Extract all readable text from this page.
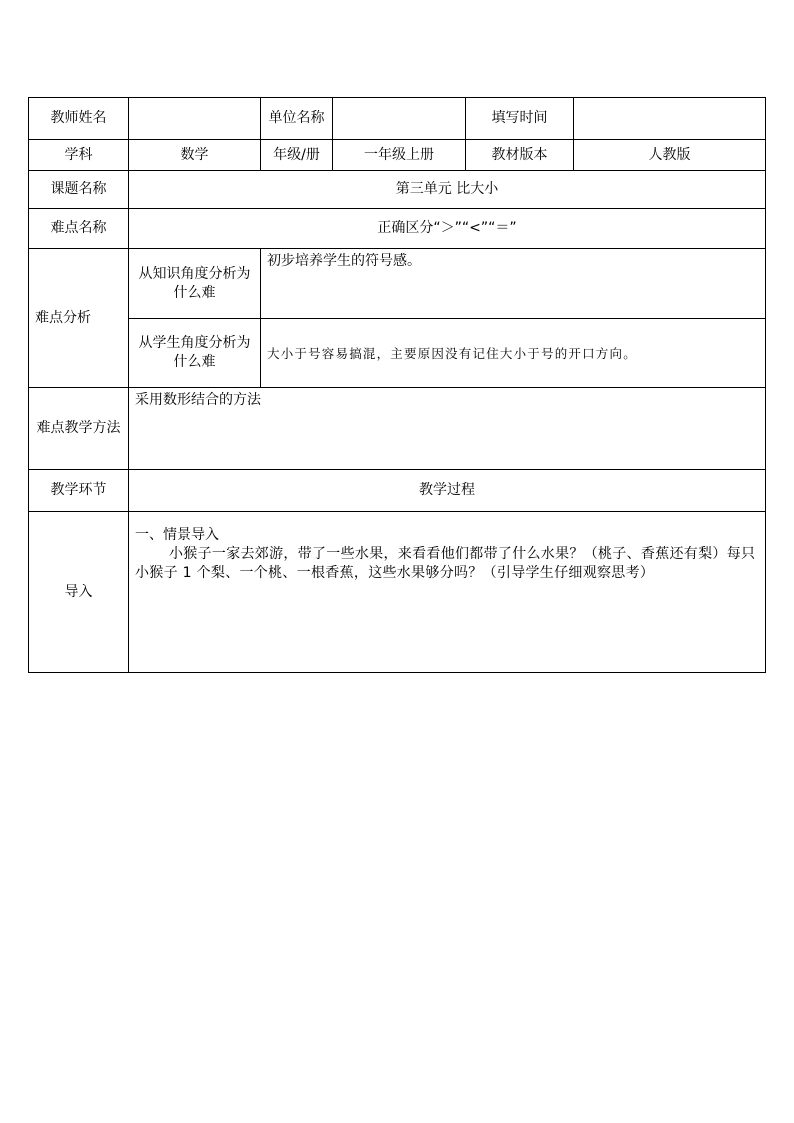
教师姓名		单位名称		填写时间	
学科	数学	年级/册	一年级上册	教材版本	人教版
课题名称	第三单元 比大小				
难点名称	正确区分“＞”“<”“＝”				
难点分析	从知识角度分析为什么难	初步培养学生的符号感。			
	从学生角度分析为什么难	大小于号容易搞混，主要原因没有记住大小于号的开口方向。			
难点教学方法	采用数形结合的方法				
教学环节	教学过程				
导入	一、情景导入
小猴子一家去郊游，带了一些水果，来看看他们都带了什么水果？（桃子、香蕉还有梨）每只小猴子 1 个梨、一个桃、一根香蕉，这些水果够分吗？（引导学生仔细观察思考）				
